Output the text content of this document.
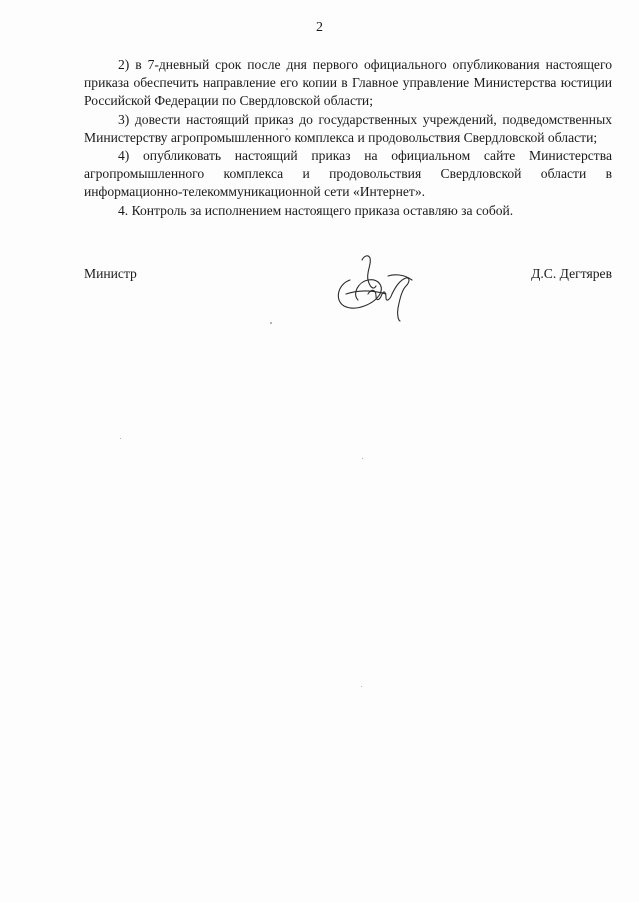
2

2) в 7-дневный срок после дня первого официального опубликования настоящего приказа обеспечить направление его копии в Главное управление Министерства юстиции Российской Федерации по Свердловской области;

3) довести настоящий приказ до государственных учреждений, подведомственных Министерству агропромышленного комплекса и продовольствия Свердловской области;

4) опубликовать настоящий приказ на официальном сайте Министерства агропромышленного комплекса и продовольствия Свердловской области в информационно-телекоммуникационной сети «Интернет».

4. Контроль за исполнением настоящего приказа оставляю за собой.

Министр	Д.С. Дегтярев
